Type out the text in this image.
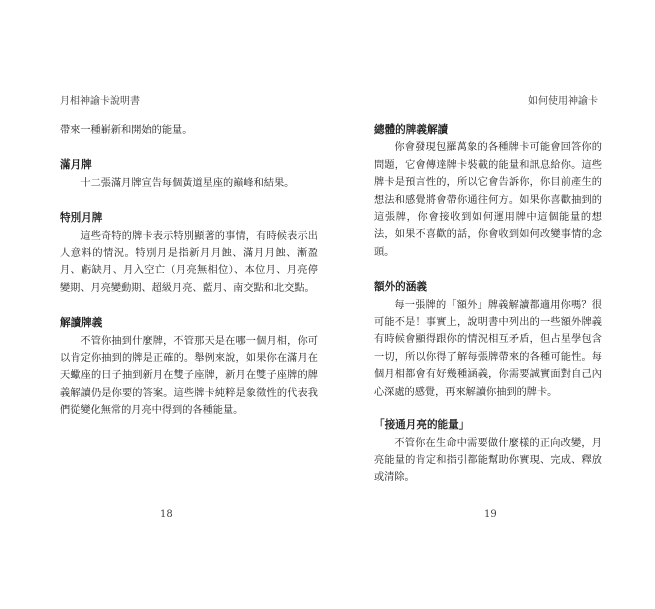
月相神諭卡說明書	如何使用神諭卡

帶來一種嶄新和開始的能量。

滿月牌

十二張滿月牌宣告每個黃道星座的巔峰和結果。

特別月牌

這些奇特的牌卡表示特別顯著的事情，有時候表示出人意料的情況。特別月是指新月月蝕、滿月月蝕、漸盈月、虧缺月、月入空亡（月亮無相位）、本位月、月亮停變期、月亮變動期、超級月亮、藍月、南交點和北交點。

解讀牌義

不管你抽到什麼牌，不管那天是在哪一個月相，你可以肯定你抽到的牌是正確的。舉例來說，如果你在滿月在天蠍座的日子抽到新月在雙子座牌，新月在雙子座牌的牌義解讀仍是你要的答案。這些牌卡純粹是象徵性的代表我們從變化無常的月亮中得到的各種能量。

總體的牌義解讀

你會發現包羅萬象的各種牌卡可能會回答你的問題，它會傳達牌卡裝載的能量和訊息給你。這些牌卡是預言性的，所以它會告訴你，你目前產生的想法和感覺將會帶你通往何方。如果你喜歡抽到的這張牌，你會接收到如何運用牌中這個能量的想法，如果不喜歡的話，你會收到如何改變事情的念頭。

額外的涵義

每一張牌的「額外」牌義解讀都適用你嗎？很可能不是！事實上，說明書中列出的一些額外牌義有時候會顯得跟你的情況相互矛盾，但占星學包含一切，所以你得了解每張牌帶來的各種可能性。每個月相都會有好幾種涵義，你需要誠實面對自己內心深處的感覺，再來解讀你抽到的牌卡。

「接通月亮的能量」

不管你在生命中需要做什麼樣的正向改變，月亮能量的肯定和指引都能幫助你實現、完成、釋放或清除。

18	19
